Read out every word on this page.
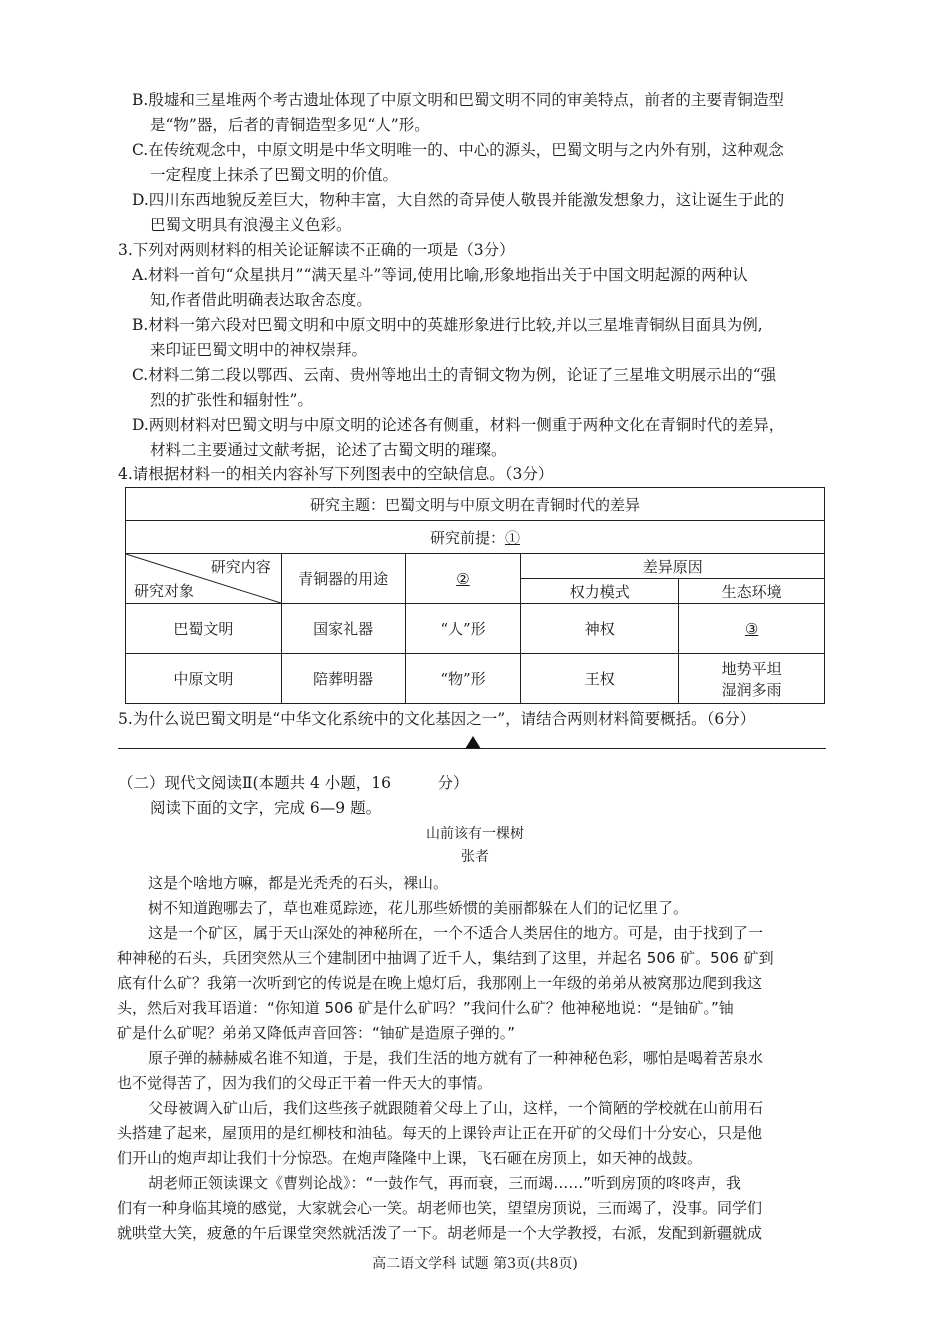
B.殷墟和三星堆两个考古遗址体现了中原文明和巴蜀文明不同的审美特点，前者的主要青铜造型
是“物”器，后者的青铜造型多见“人”形。
C.在传统观念中，中原文明是中华文明唯一的、中心的源头，巴蜀文明与之内外有别，这种观念
一定程度上抹杀了巴蜀文明的价值。
D.四川东西地貌反差巨大，物种丰富，大自然的奇异使人敬畏并能激发想象力，这让诞生于此的
巴蜀文明具有浪漫主义色彩。
3.下列对两则材料的相关论证解读不正确的一项是（3分）
A.材料一首句“众星拱月”“满天星斗”等词,使用比喻,形象地指出关于中国文明起源的两种认
知,作者借此明确表达取舍态度。
B.材料一第六段对巴蜀文明和中原文明中的英雄形象进行比较,并以三星堆青铜纵目面具为例,
来印证巴蜀文明中的神权崇拜。
C.材料二第二段以鄂西、云南、贵州等地出土的青铜文物为例，论证了三星堆文明展示出的“强
烈的扩张性和辐射性”。
D.两则材料对巴蜀文明与中原文明的论述各有侧重，材料一侧重于两种文化在青铜时代的差异，
材料二主要通过文献考据，论述了古蜀文明的璀璨。
4.请根据材料一的相关内容补写下列图表中的空缺信息。（3分）
研究主题：巴蜀文明与中原文明在青铜时代的差异				
研究前提：①				

研究内容
研究对象	青铜器的用途	②	差异原因	
			权力模式	生态环境
巴蜀文明	国家礼器	“人”形	神权	③
中原文明	陪葬明器	“物”形	王权	地势平坦
湿润多雨
5.为什么说巴蜀文明是“中华文化系统中的文化基因之一”，请结合两则材料简要概括。（6分）
（二）现代文阅读Ⅱ(本题共 4 小题，16　　　分）
阅读下面的文字，完成 6—9 题。
山前该有一棵树
张者
这是个啥地方嘛，都是光秃秃的石头，裸山。
树不知道跑哪去了，草也难觅踪迹，花儿那些娇惯的美丽都躲在人们的记忆里了。
这是一个矿区，属于天山深处的神秘所在，一个不适合人类居住的地方。可是，由于找到了一
种神秘的石头，兵团突然从三个建制团中抽调了近千人，集结到了这里，并起名 506 矿。506 矿到
底有什么矿？我第一次听到它的传说是在晚上熄灯后，我那刚上一年级的弟弟从被窝那边爬到我这
头，然后对我耳语道：“你知道 506 矿是什么矿吗？”我问什么矿？他神秘地说：“是铀矿。”铀
矿是什么矿呢？弟弟又降低声音回答：“铀矿是造原子弹的。”
原子弹的赫赫威名谁不知道，于是，我们生活的地方就有了一种神秘色彩，哪怕是喝着苦泉水
也不觉得苦了，因为我们的父母正干着一件天大的事情。
父母被调入矿山后，我们这些孩子就跟随着父母上了山，这样，一个简陋的学校就在山前用石
头搭建了起来，屋顶用的是红柳枝和油毡。每天的上课铃声让正在开矿的父母们十分安心，只是他
们开山的炮声却让我们十分惊恐。在炮声隆隆中上课，飞石砸在房顶上，如天神的战鼓。
胡老师正领读课文《曹刿论战》：“一鼓作气，再而衰，三而竭……”听到房顶的咚咚声，我
们有一种身临其境的感觉，大家就会心一笑。胡老师也笑，望望房顶说，三而竭了，没事。同学们
就哄堂大笑，疲惫的午后课堂突然就活泼了一下。胡老师是一个大学教授，右派，发配到新疆就成
高二语文学科 试题 第3页(共8页)
